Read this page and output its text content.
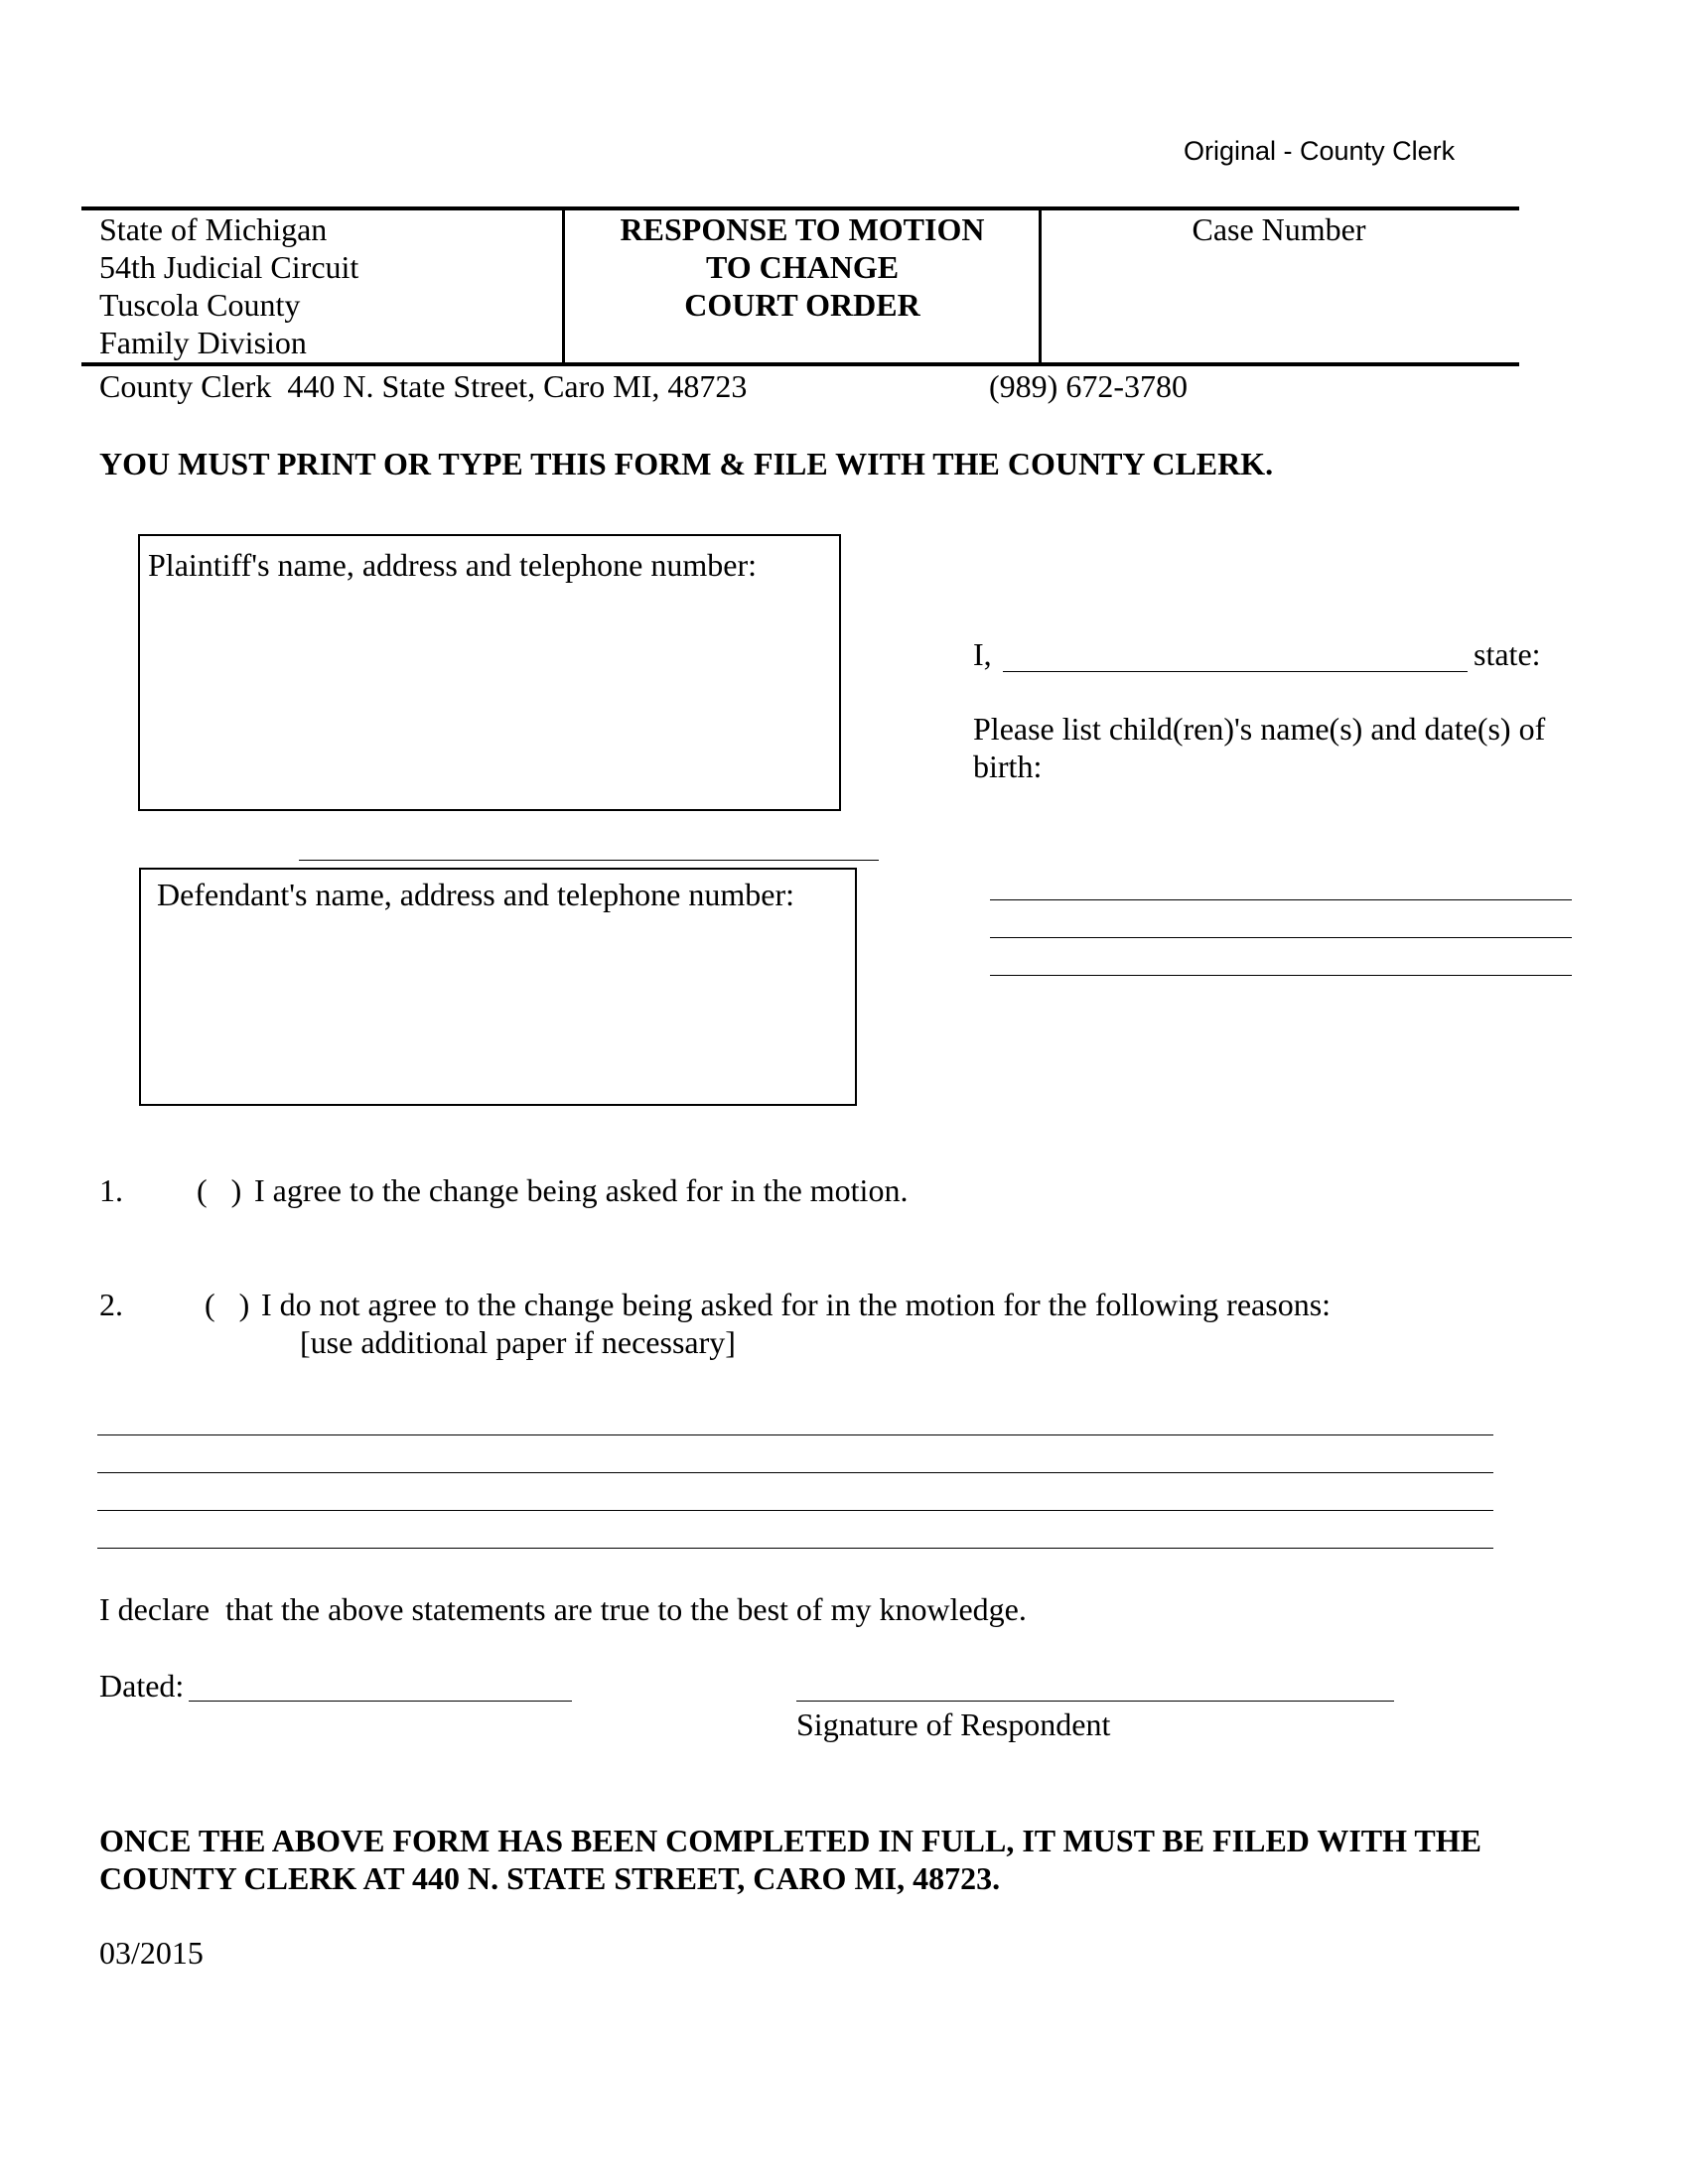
Original - County Clerk
State of Michigan
54th Judicial Circuit
Tuscola County
Family Division
RESPONSE TO MOTION
TO CHANGE
COURT ORDER
Case Number
County Clerk  440 N. State Street, Caro MI, 48723	(989) 672-3780
YOU MUST PRINT OR TYPE THIS FORM & FILE WITH THE COUNTY CLERK.
Plaintiff's name, address and telephone number:
Defendant's name, address and telephone number:
I,	state:
Please list child(ren)'s name(s) and date(s) of
birth:
1. (   ) I agree to the change being asked for in the motion.
2.	(   ) I do not agree to the change being asked for in the motion for the following reasons:
[use additional paper if necessary]
I declare  that the above statements are true to the best of my knowledge.
Dated:
Signature of Respondent
ONCE THE ABOVE FORM HAS BEEN COMPLETED IN FULL, IT MUST BE FILED WITH THE
COUNTY CLERK AT 440 N. STATE STREET, CARO MI, 48723.
03/2015
